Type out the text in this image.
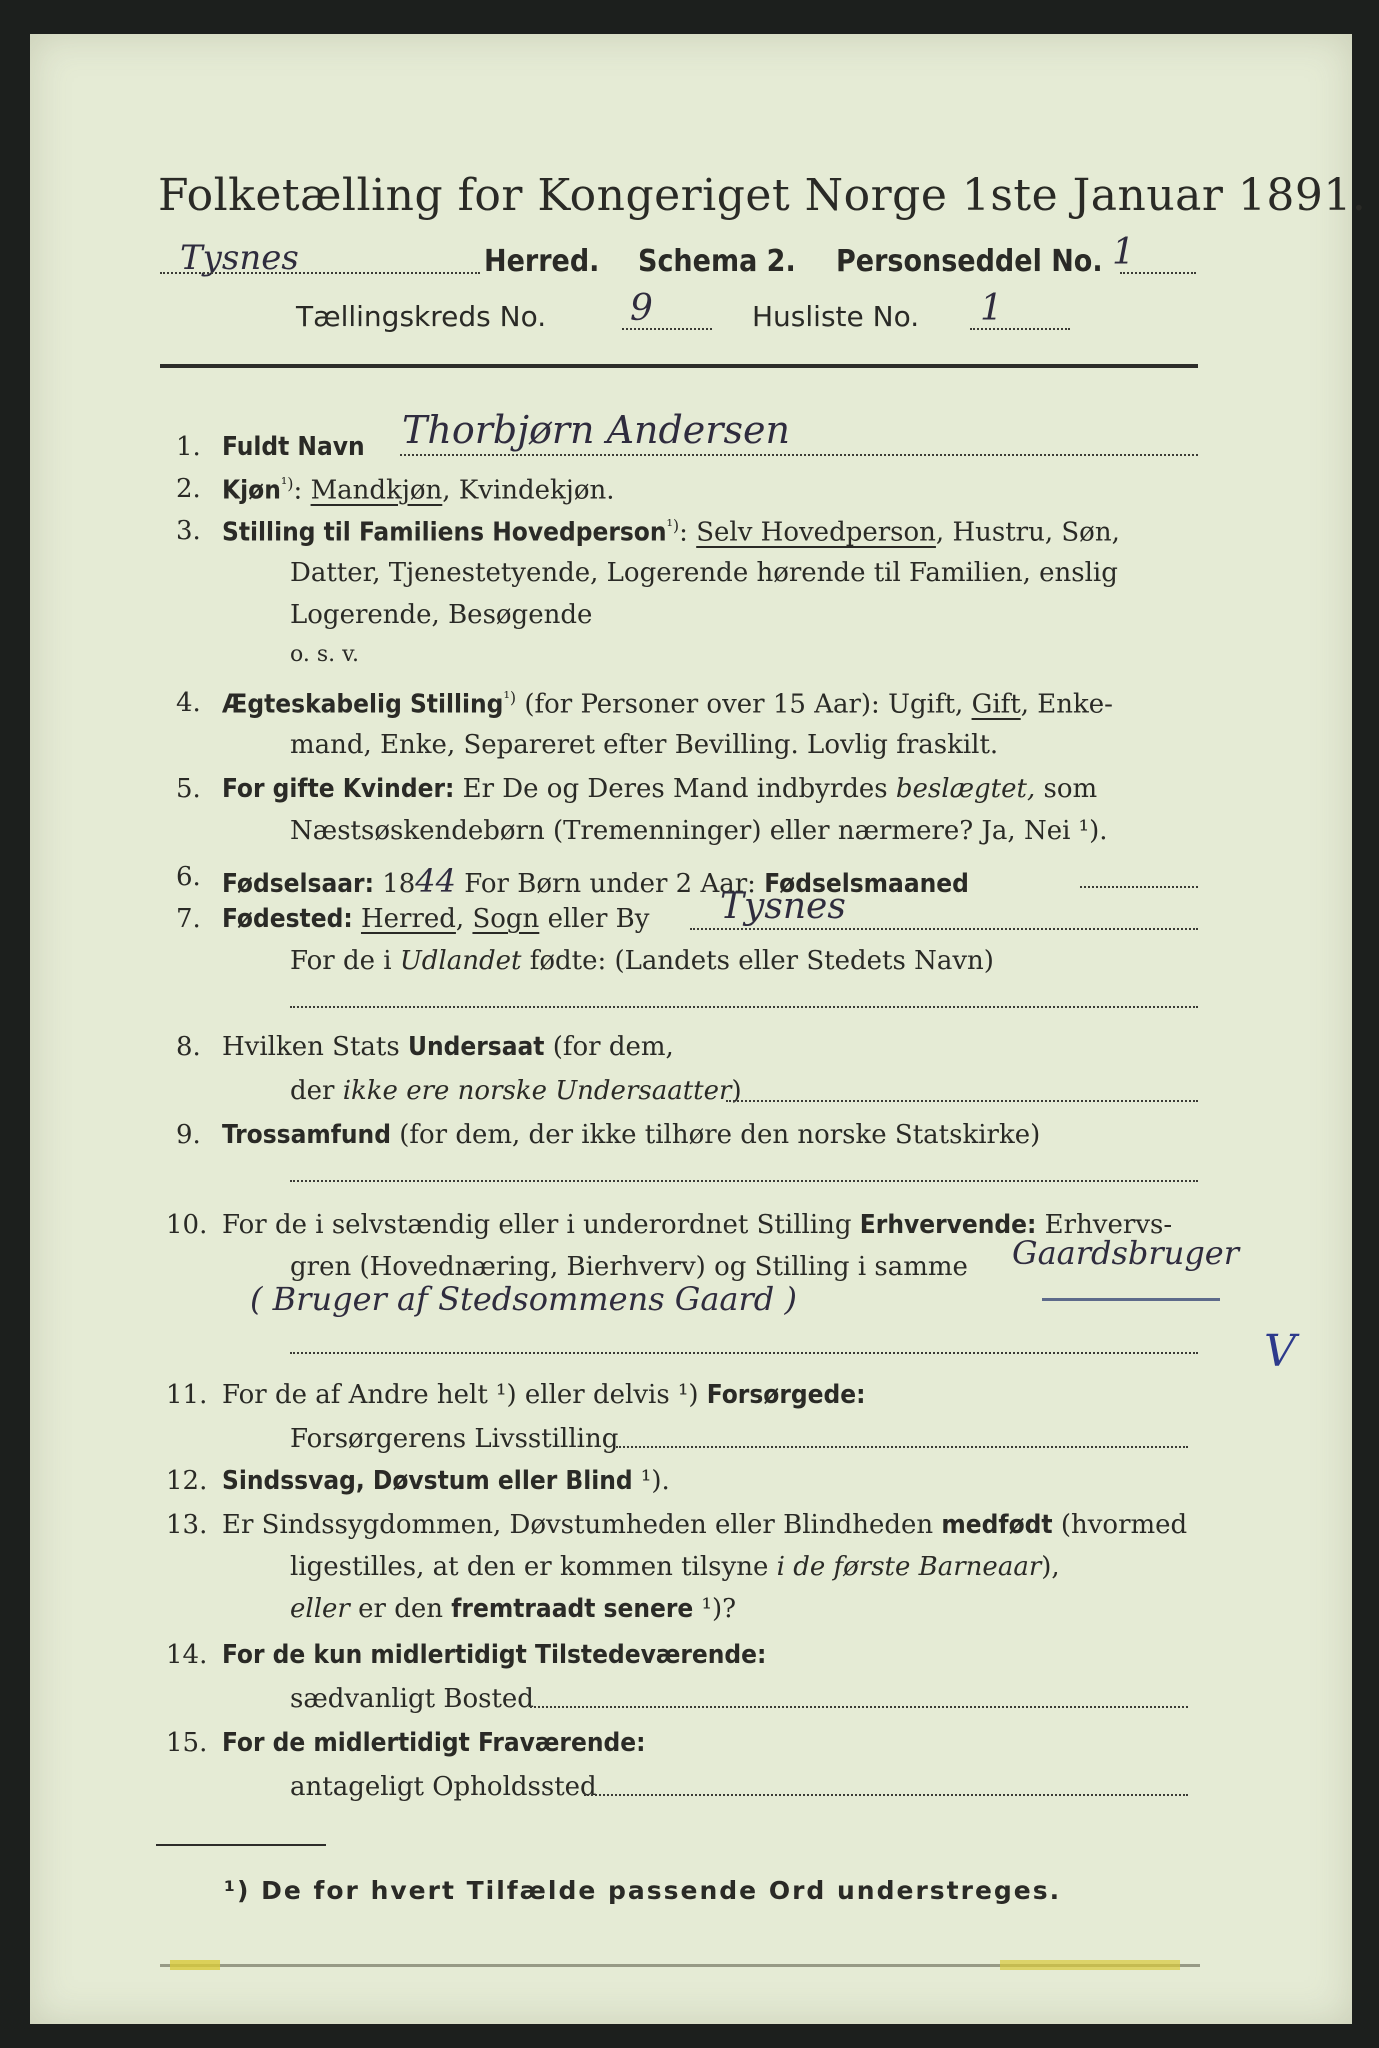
Folketælling for Kongeriget Norge 1ste Januar 1891.
Tysnes	Herred. Schema 2. Personseddel No. 1
Tællingskreds No. 9	Husliste No. 1
1. Fuldt Navn Thorbjørn Andersen
2. Kjøn$^{^1)}$: Mandkjøn, Kvindekjøn.
3. Stilling til Familiens Hovedperson$^{^1)}$: Selv Hovedperson, Hustru, Søn,
Datter, Tjenestetyende, Logerende hørende til Familien, enslig
Logerende, Besøgende
o. s. v.
4. Ægteskabelig Stilling$^{^1)}$ (for Personer over 15 Aar): Ugift, Gift, Enke-
mand, Enke, Separeret efter Bevilling. Lovlig fraskilt.
5. For gifte Kvinder: Er De og Deres Mand indbyrdes beslægtet, som
Næstsøskendebørn (Tremenninger) eller nærmere? Ja, Nei ¹).
6. Fødselsaar: 1844 For Børn under 2 Aar: Fødselsmaaned
7. Fødested: Herred, Sogn eller By Tysnes
For de i Udlandet fødte: (Landets eller Stedets Navn)
8. Hvilken Stats Undersaat (for dem,
der ikke ere norske Undersaatter)
9. Trossamfund (for dem, der ikke tilhøre den norske Statskirke)
10. For de i selvstændig eller i underordnet Stilling Erhvervende: Erhvervs-
gren (Hovednæring, Bierhverv) og Stilling i samme Gaardsbruger
( Bruger af Stedsommens Gaard )
V
11. For de af Andre helt ¹) eller delvis ¹) Forsørgede:
Forsørgerens Livsstilling
12. Sindssvag, Døvstum eller Blind ¹).
13. Er Sindssygdommen, Døvstumheden eller Blindheden medfødt (hvormed
ligestilles, at den er kommen tilsyne i de første Barneaar),
eller er den fremtraadt senere ¹)?
14. For de kun midlertidigt Tilstedeværende:
sædvanligt Bosted
15. For de midlertidigt Fraværende:
antageligt Opholdssted
¹) De for hvert Tilfælde passende Ord understreges.
